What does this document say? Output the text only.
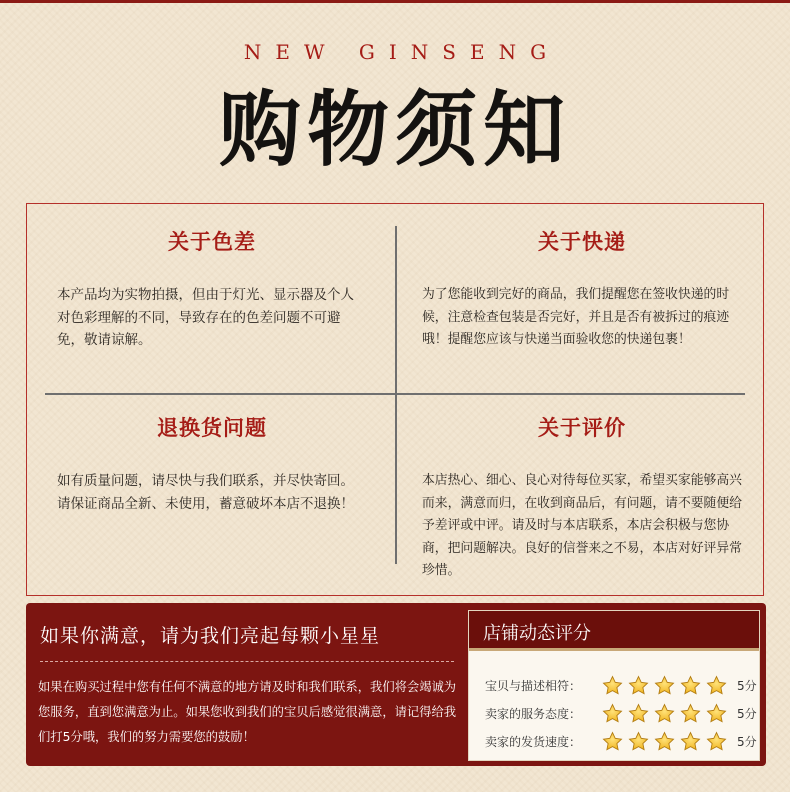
NEW GINSENG
购物须知
关于色差

本产品均为实物拍摄，但由于灯光、显示器及个人对色彩理解的不同，导致存在的色差问题不可避免，敬请谅解。

关于快递

为了您能收到完好的商品，我们提醒您在签收快递的时候，注意检查包装是否完好，并且是否有被拆过的痕迹哦！提醒您应该与快递当面验收您的快递包裹！

退换货问题

如有质量问题，请尽快与我们联系，并尽快寄回。请保证商品全新、未使用，蓄意破坏本店不退换！

关于评价

本店热心、细心、良心对待每位买家，希望买家能够高兴而来，满意而归，在收到商品后，有问题，请不要随便给予差评或中评。请及时与本店联系，本店会积极与您协商，把问题解决。良好的信誉来之不易，本店对好评异常珍惜。

如果你满意，请为我们亮起每颗小星星
如果在购买过程中您有任何不满意的地方请及时和我们联系，我们将会竭诚为您服务，直到您满意为止。如果您收到我们的宝贝后感觉很满意，请记得给我们打5分哦，我们的努力需要您的鼓励！
店铺动态评分
宝贝与描述相符：	5分
卖家的服务态度：	5分
卖家的发货速度：	5分
